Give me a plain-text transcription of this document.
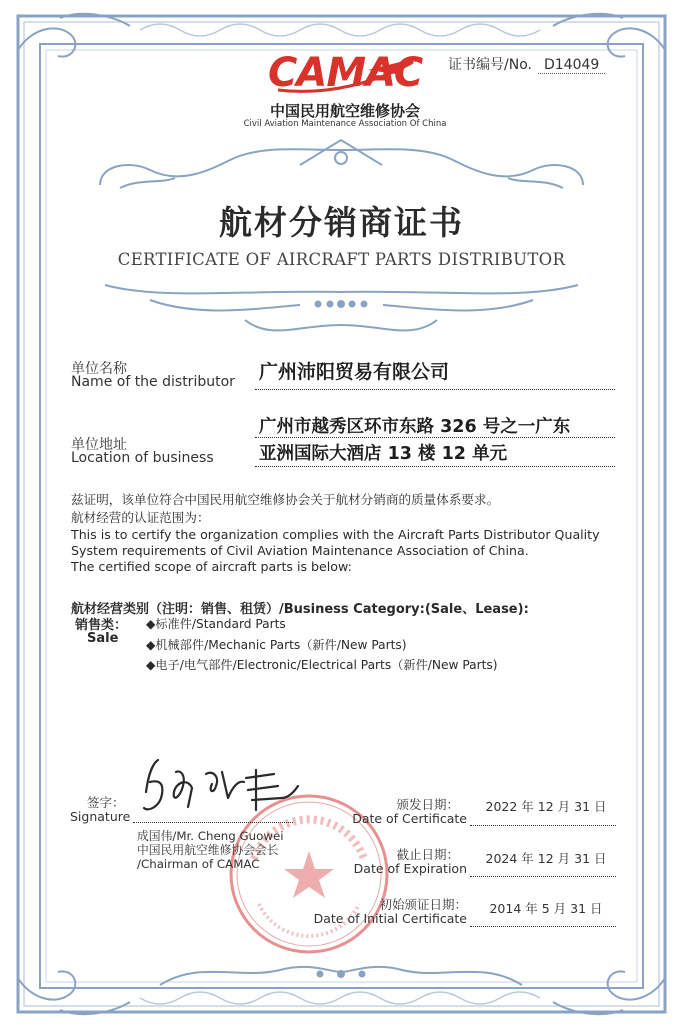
证书编号/No. D14049
CAMAC
中国民用航空维修协会
Civil Aviation Maintenance Association Of China
航材分销商证书
CERTIFICATE OF AIRCRAFT PARTS DISTRIBUTOR
单位名称
Name of the distributor 广州沛阳贸易有限公司
单位地址
Location of business
广州市越秀区环市东路 326 号之一广东
亚洲国际大酒店 13 楼 12 单元
兹证明，该单位符合中国民用航空维修协会关于航材分销商的质量体系要求。
航材经营的认证范围为：
This is to certify the organization complies with the Aircraft Parts Distributor Quality
System requirements of Civil Aviation Maintenance Association of China.
The certified scope of aircraft parts is below:
航材经营类别（注明：销售、租赁）/Business Category:(Sale、Lease):
销售类：
Sale
◆标准件/Standard Parts
◆机械部件/Mechanic Parts（新件/New Parts)
◆电子/电气部件/Electronic/Electrical Parts（新件/New Parts)
签字：
Signature
成国伟/Mr. Cheng Guowei
中国民用航空维修协会会长
/Chairman of CAMAC
颁发日期：
Date of Certificate
2022 年 12 月 31 日
截止日期：
Date of Expiration
2024 年 12 月 31 日
初始颁证日期：
Date of Initial Certificate
2014 年 5 月 31 日
